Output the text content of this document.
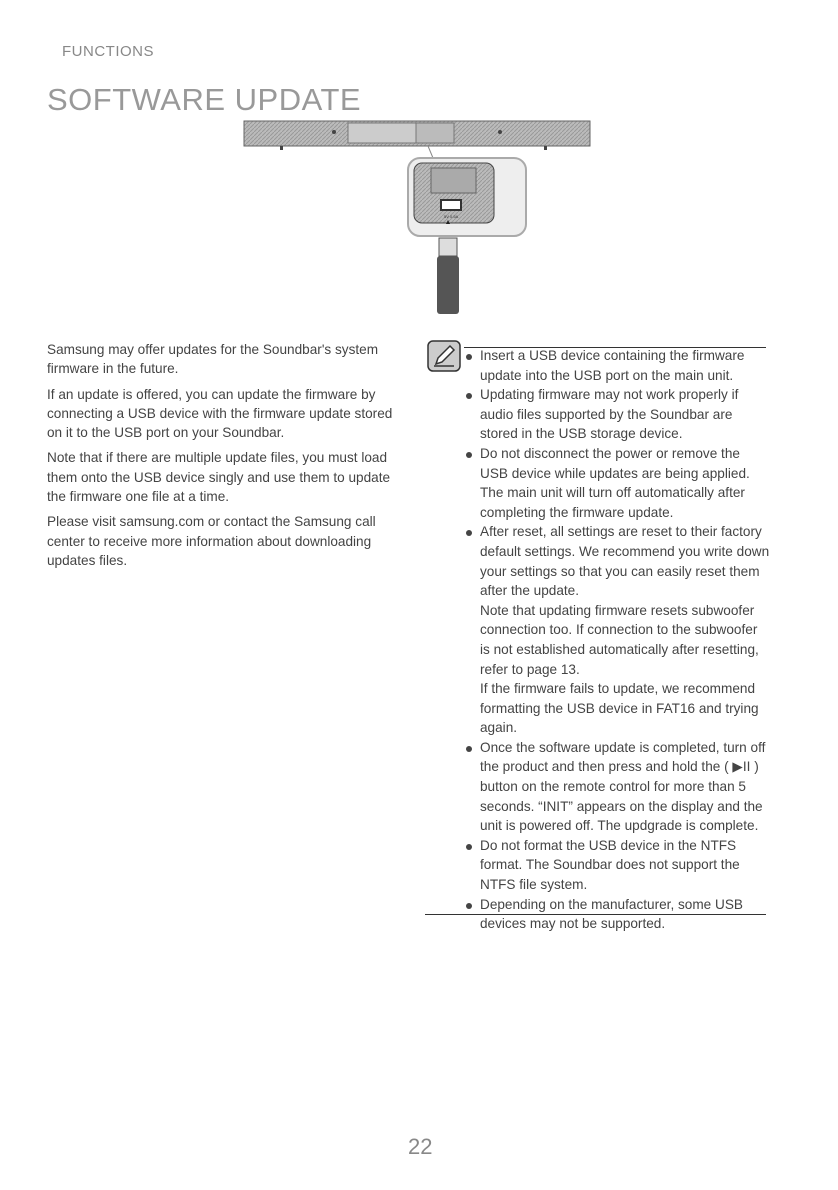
FUNCTIONS
SOFTWARE UPDATE
5V 0.5A

Samsung may offer updates for the Soundbar's system firmware in the future.

If an update is offered, you can update the firmware by connecting a USB device with the firmware update stored on it to the USB port on your Soundbar.

Note that if there are multiple update files, you must load them onto the USB device singly and use them to update the firmware one file at a time.

Please visit samsung.com or contact the Samsung call center to receive more information about downloading updates files.

Insert a USB device containing the firmware update into the USB port on the main unit.
Updating firmware may not work properly if audio files supported by the Soundbar are stored in the USB storage device.
Do not disconnect the power or remove the USB device while updates are being applied. The main unit will turn off automatically after completing the firmware update.
After reset, all settings are reset to their factory default settings. We recommend you write down your settings so that you can easily reset them after the update.
Note that updating firmware resets subwoofer connection too. If connection to the subwoofer is not established automatically after resetting,
refer to page 13.
If the firmware fails to update, we recommend formatting the USB device in FAT16 and trying again.
Once the software update is completed, turn off the product and then press and hold the ( ▶II ) button on the remote control for more than 5 seconds. “INIT” appears on the display and the unit is powered off. The updgrade is complete.
Do not format the USB device in the NTFS format. The Soundbar does not support the NTFS file system.
Depending on the manufacturer, some USB devices may not be supported.
22
